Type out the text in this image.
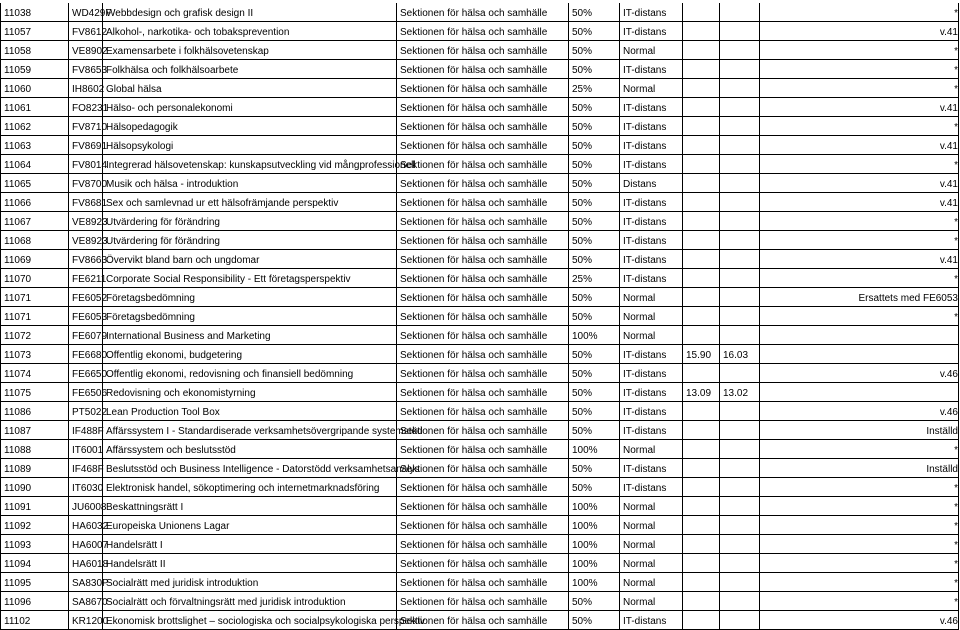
11038	WD429F	Webbdesign och grafisk design II	Sektionen för hälsa och samhälle	50%	IT-distans			*
11057	FV8612	Alkohol-, narkotika- och tobaksprevention	Sektionen för hälsa och samhälle	50%	IT-distans			v.41
11058	VE8902	Examensarbete i folkhälsovetenskap	Sektionen för hälsa och samhälle	50%	Normal			*
11059	FV8653	Folkhälsa och folkhälsoarbete	Sektionen för hälsa och samhälle	50%	IT-distans			*
11060	IH8602	Global hälsa	Sektionen för hälsa och samhälle	25%	Normal			*
11061	FO8231	Hälso- och personalekonomi	Sektionen för hälsa och samhälle	50%	IT-distans			v.41
11062	FV8710	Hälsopedagogik	Sektionen för hälsa och samhälle	50%	IT-distans			*
11063	FV8691	Hälsopsykologi	Sektionen för hälsa och samhälle	50%	IT-distans			v.41
11064	FV8014	Integrerad hälsovetenskap: kunskapsutveckling vid mångprofessionell	Sektionen för hälsa och samhälle	50%	IT-distans			*
11065	FV8700	Musik och hälsa - introduktion	Sektionen för hälsa och samhälle	50%	Distans			v.41
11066	FV8681	Sex och samlevnad ur ett hälsofrämjande perspektiv	Sektionen för hälsa och samhälle	50%	IT-distans			v.41
11067	VE8923	Utvärdering för förändring	Sektionen för hälsa och samhälle	50%	IT-distans			*
11068	VE8923	Utvärdering för förändring	Sektionen för hälsa och samhälle	50%	IT-distans			*
11069	FV8663	Övervikt bland barn och ungdomar	Sektionen för hälsa och samhälle	50%	IT-distans			v.41
11070	FE6211	Corporate Social Responsibility - Ett företagsperspektiv	Sektionen för hälsa och samhälle	25%	IT-distans			*
11071	FE6052	Företagsbedömning	Sektionen för hälsa och samhälle	50%	Normal			Ersattets med FE6053
11071	FE6053	Företagsbedömning	Sektionen för hälsa och samhälle	50%	Normal			*
11072	FE6079	International Business and Marketing	Sektionen för hälsa och samhälle	100%	Normal			
11073	FE6680	Offentlig ekonomi, budgetering	Sektionen för hälsa och samhälle	50%	IT-distans	15.90	16.03	
11074	FE6650	Offentlig ekonomi, redovisning och finansiell bedömning	Sektionen för hälsa och samhälle	50%	IT-distans			v.46
11075	FE6506	Redovisning och ekonomistyrning	Sektionen för hälsa och samhälle	50%	IT-distans	13.09	13.02	
11086	PT5022	Lean Production Tool Box	Sektionen för hälsa och samhälle	50%	IT-distans			v.46
11087	IF488F	Affärssystem I - Standardiserade verksamhetsövergripande systemstöd	Sektionen för hälsa och samhälle	50%	IT-distans			Inställd
11088	IT6001	Affärssystem och beslutsstöd	Sektionen för hälsa och samhälle	100%	Normal			*
11089	IF468F	Beslutsstöd och Business Intelligence - Datorstödd verksamhetsanalys	Sektionen för hälsa och samhälle	50%	IT-distans			Inställd
11090	IT6030	Elektronisk handel, sökoptimering och internetmarknadsföring	Sektionen för hälsa och samhälle	50%	IT-distans			*
11091	JU6008	Beskattningsrätt I	Sektionen för hälsa och samhälle	100%	Normal			*
11092	HA6032	Europeiska Unionens Lagar	Sektionen för hälsa och samhälle	100%	Normal			*
11093	HA6007	Handelsrätt I	Sektionen för hälsa och samhälle	100%	Normal			*
11094	HA6018	Handelsrätt II	Sektionen för hälsa och samhälle	100%	Normal			*
11095	SA830P	Socialrätt med juridisk introduktion	Sektionen för hälsa och samhälle	100%	Normal			*
11096	SA8670	Socialrätt och förvaltningsrätt med juridisk introduktion	Sektionen för hälsa och samhälle	50%	Normal			*
11102	KR1200	Ekonomisk brottslighet – sociologiska och socialpsykologiska perspektiv	Sektionen för hälsa och samhälle	50%	IT-distans			v.46
